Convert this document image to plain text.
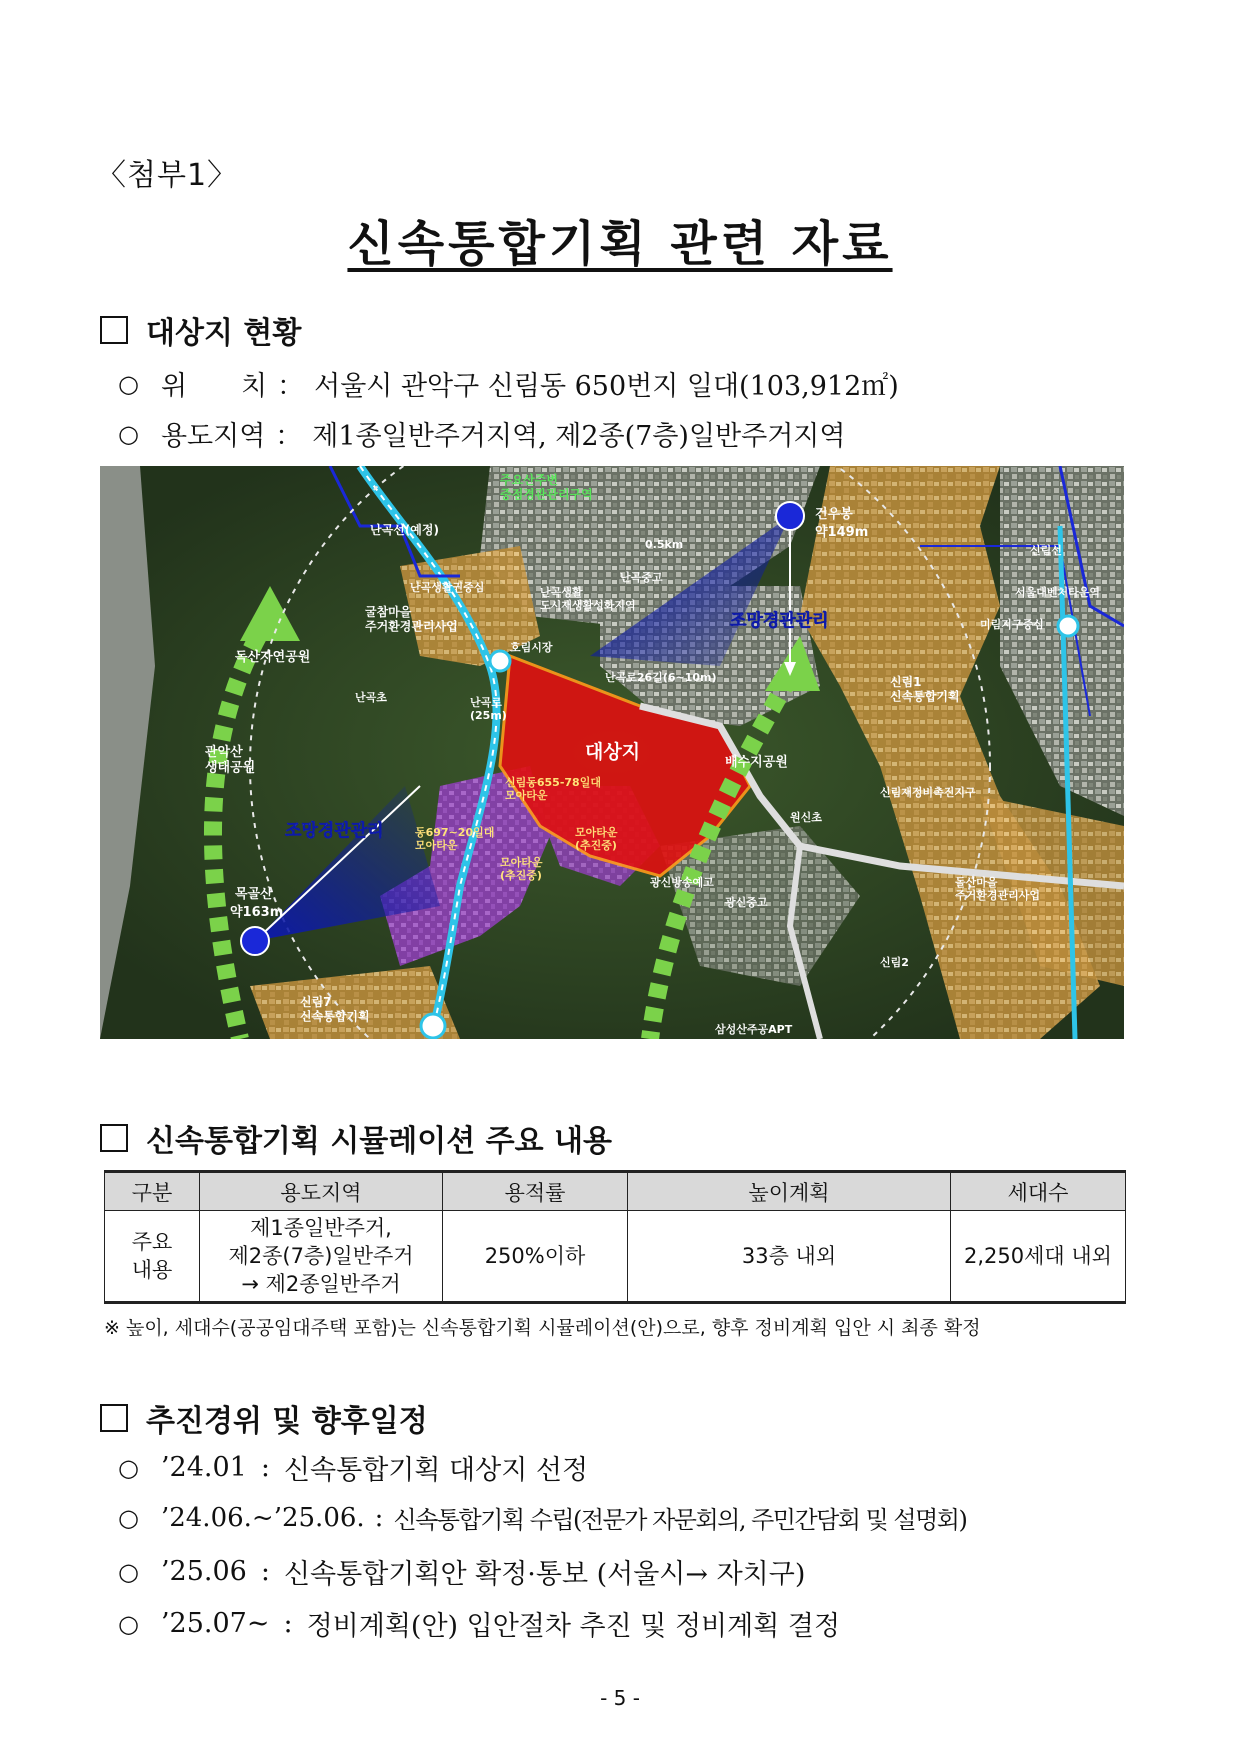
〈첨부1〉
신속통합기획 관련 자료
대상지 현황
○ 위　　치 ： 서울시 관악구 신림동 650번지 일대(103,912㎡)
○ 용도지역 ： 제1종일반주거지역, 제2종(7층)일반주거지역
주요산주변 중점경관관리구역
난곡선(예정)
0.5km
건우봉
약149m
신림선
서울대벤처타운역
난곡생활권중심	난곡생활 도시재생활성화지역
난곡중고
조망경관관리
굴참마을 주거환경관리사업
독산자연공원
호림시장
난곡로26길(6~10m)
대상지	배수지공원
신림1 신속통합기획
미림지구중심
관악산 생태공원
난곡로 (25m)
신림동655-78일대 모아타운
모아타운 (추진중)
모아타운 (추진중)
동697~20일대 모아타운
신림재정비촉진지구
원신초
목골산
약163m
조망경관관리
광신방송예고
광신중고
돌산마을 주거환경관리사업
신림2
신림7 신속통합기획
삼성산주공APT
난곡초
신속통합기획 시뮬레이션 주요 내용
구분	용도지역	용적률	높이계획	세대수
주요
내용	제1종일반주거,
제2종(7층)일반주거
→ 제2종일반주거	250%이하	33층 내외	2,250세대 내외
※ 높이, 세대수(공공임대주택 포함)는 신속통합기획 시뮬레이션(안)으로, 향후 정비계획 입안 시 최종 확정
추진경위 및 향후일정
○ ’24.01 : 신속통합기획 대상지 선정
○ ’24.06.~’25.06. : 신속통합기획 수립(전문가 자문회의, 주민간담회 및 설명회)
○ ’25.06 : 신속통합기획안 확정·통보 (서울시→ 자치구)
○ ’25.07~ : 정비계획(안) 입안절차 추진 및 정비계획 결정
- 5 -
